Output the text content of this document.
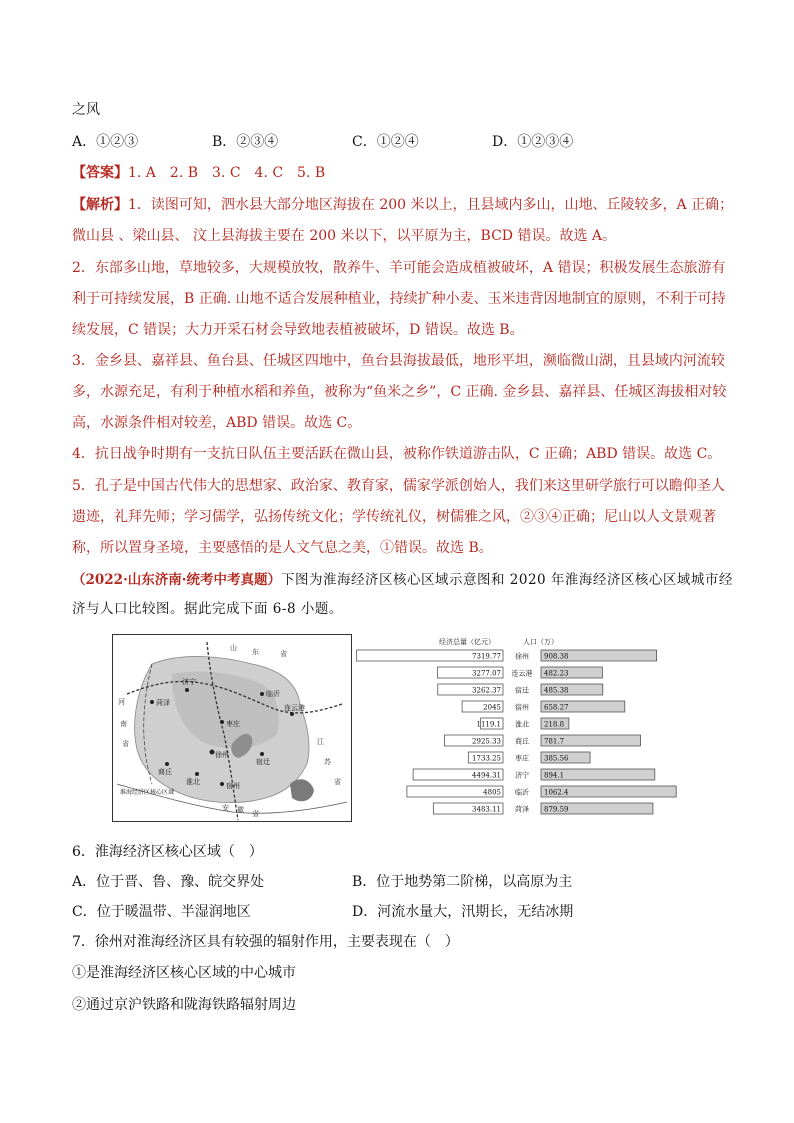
之风
A．①②③	B．②③④	C．①②④	D．①②③④
【答案】1. A　2. B　3. C　4. C　5. B
【解析】1．读图可知，泗水县大部分地区海拔在 200 米以上，且县域内多山，山地、丘陵较多，A 正确；
微山县 、梁山县、 汶上县海拔主要在 200 米以下，以平原为主，BCD 错误。故选 A。
2．东部多山地，草地较多，大规模放牧，散养牛、羊可能会造成植被破坏，A 错误；积极发展生态旅游有
利于可持续发展，B 正确. 山地不适合发展种植业，持续扩种小麦、玉米违背因地制宜的原则，不利于可持
续发展，C 错误；大力开采石材会导致地表植被破坏，D 错误。故选 B。
3．金乡县、嘉祥县、鱼台县、任城区四地中，鱼台县海拔最低，地形平坦，濒临微山湖，且县域内河流较
多，水源充足，有利于种植水稻和养鱼，被称为“鱼米之乡”，C 正确. 金乡县、嘉祥县、任城区海拔相对较
高，水源条件相对较差，ABD 错误。故选 C。
4．抗日战争时期有一支抗日队伍主要活跃在微山县，被称作铁道游击队，C 正确；ABD 错误。故选 C。
5．孔子是中国古代伟大的思想家、政治家、教育家，儒家学派创始人，我们来这里研学旅行可以瞻仰圣人
遗迹，礼拜先师；学习儒学，弘扬传统文化；学传统礼仪，树儒雅之风，②③④正确；尼山以人文景观著
称，所以置身圣境，主要感悟的是人文气息之美，①错误。故选 B。
（2022·山东济南·统考中考真题）下图为淮海经济区核心区域示意图和 2020 年淮海经济区核心区域城市经
济与人口比较图。据此完成下面 6-8 小题。
山 东	省
河
南
省	江
苏
省
安 徽 省
菏泽
济宁
临沂
枣庄
连云港
徐州
商丘
宿迁
淮北	宿州
淮海经济区核心区域
经济总量（亿元）	人口（万）
7319.77 徐州 908.38
3277.07 连云港 482.23
3262.37 宿迁 485.38
2045 宿州 658.27
1119.1 淮北 218.8
2925.33 商丘 781.7
1733.25 枣庄 385.56
4494.31 济宁 894.1
4805 临沂 1062.4
3483.11 菏泽 879.59
6．淮海经济区核心区域（　）
A．位于晋、鲁、豫、皖交界处	B．位于地势第二阶梯，以高原为主
C．位于暖温带、半湿润地区	D．河流水量大，汛期长，无结冰期
7．徐州对淮海经济区具有较强的辐射作用，主要表现在（　）
①是淮海经济区核心区域的中心城市
②通过京沪铁路和陇海铁路辐射周边
